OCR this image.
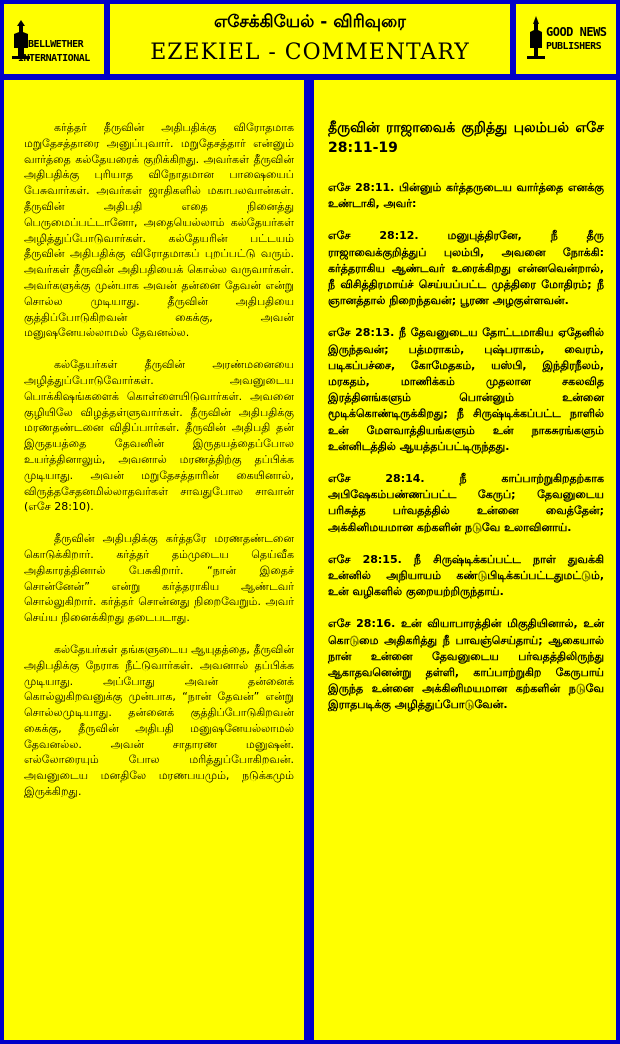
BELLWETHER
INTERNATIONAL
எசேக்கியேல் - விரிவுரை
EZEKIEL - COMMENTARY
GOOD NEWS
PUBLISHERS

கர்த்தர் தீருவின் அதிபதிக்கு விரோதமாக மறுதேசத்தாரை அனுப்புவார். மறுதேசத்தார் என்னும் வார்த்தை கல்தேயரைக் குறிக்கிறது. அவர்கள் தீருவின் அதிபதிக்கு புரியாத விநோதமான பாஷையைப் பேசுவார்கள். அவர்கள் ஜாதிகளில் மகாபலவான்கள். தீருவின் அதிபதி எதை நினைத்து பெருமைப்பட்டானோ, அதையெல்லாம் கல்தேயர்கள் அழித்துப்போடுவார்கள். கல்தேயரின் பட்டயம் தீருவின் அதிபதிக்கு விரோதமாகப் புறப்பட்டு வரும். அவர்கள் தீருவின் அதிபதியைக் கொல்ல வருவார்கள். அவர்களுக்கு முன்பாக அவன் தன்னை தேவன் என்று சொல்ல முடியாது. தீருவின் அதிபதியை குத்திப்போடுகிறவன் கைக்கு, அவன் மனுஷனேயல்லாமல் தேவனல்ல.

கல்தேயர்கள் தீருவின் அரண்மனையை அழித்துப்போடுவோர்கள். அவனுடைய பொக்கிஷங்களைக் கொள்ளையிடுவார்கள். அவனை குழியிலே விழத்தள்ளுவார்கள். தீருவின் அதிபதிக்கு மரணதண்டனை விதிப்பார்கள். தீருவின் அதிபதி தன் இருதயத்தை தேவனின் இருதயத்தைப்போல உயர்த்தினாலும், அவனால் மரணத்திற்கு தப்பிக்க முடியாது. அவன் மறுதேசத்தாரின் கையினால், விருத்தசேதனமில்லாதவர்கள் சாவதுபோல சாவான் (எசே 28:10).

தீருவின் அதிபதிக்கு கர்த்தரே மரணதண்டனை கொடுக்கிறார். கர்த்தர் தம்முடைய தெய்வீக அதிகாரத்தினால் பேசுகிறார். “நான் இதைச் சொன்னேன்” என்று கர்த்தராகிய ஆண்டவர் சொல்லுகிறார். கர்த்தர் சொன்னது நிறைவேறும். அவர் செய்ய நினைக்கிறது தடைபடாது.

கல்தேயர்கள் தங்களுடைய ஆயுதத்தை, தீருவின் அதிபதிக்கு நேராக நீட்டுவார்கள். அவனால் தப்பிக்க முடியாது. அப்போது அவன் தன்னைக் கொல்லுகிறவனுக்கு முன்பாக, “நான் தேவன்” என்று சொல்லமுடியாது. தன்னைக் குத்திப்போடுகிறவன் கைக்கு, தீருவின் அதிபதி மனுஷனேயல்லாமல் தேவனல்ல. அவன் சாதாரண மனுஷன். எல்லோரையும் போல மரித்துப்போகிறவன். அவனுடைய மனதிலே மரணபயமும், நடுக்கமும் இருக்கிறது.

தீருவின் ராஜாவைக் குறித்து புலம்பல் எசே 28:11-19

எசே 28:11. பின்னும் கர்த்தருடைய வார்த்தை எனக்கு உண்டாகி, அவர்:

எசே 28:12. மனுபுத்திரனே, நீ தீரு ராஜாவைக்குறித்துப் புலம்பி, அவனை நோக்கி: கர்த்தராகிய ஆண்டவர் உரைக்கிறது என்னவென்றால், நீ விசித்திரமாய்ச் செய்யப்பட்ட முத்திரை மோதிரம்; நீ ஞானத்தால் நிறைந்தவன்; பூரண அழகுள்ளவன்.

எசே 28:13. நீ தேவனுடைய தோட்டமாகிய ஏதேனில் இருந்தவன்; பத்மராகம், புஷ்பராகம், வைரம், படிகப்பச்சை, கோமேதகம், யஸ்பி, இந்திரநீலம், மரகதம், மாணிக்கம் முதலான சகலவித இரத்தினங்களும் பொன்னும் உன்னை மூடிக்கொண்டிருக்கிறது; நீ சிருஷ்டிக்கப்பட்ட நாளில் உன் மேளவாத்தியங்களும் உன் நாகசுரங்களும் உன்னிடத்தில் ஆயத்தப்பட்டிருந்தது.

எசே 28:14. நீ காப்பாற்றுகிறதற்காக அபிஷேகம்பண்ணப்பட்ட கேருப்; தேவனுடைய பரிசுத்த பர்வதத்தில் உன்னை வைத்தேன்; அக்கினிமயமான கற்களின் நடுவே உலாவினாய்.

எசே 28:15. நீ சிருஷ்டிக்கப்பட்ட நாள் துவக்கி உன்னில் அநியாயம் கண்டுபிடிக்கப்பட்டதுமட்டும், உன் வழிகளில் குறையற்றிருந்தாய்.

எசே 28:16. உன் வியாபாரத்தின் மிகுதியினால், உன் கொடுமை அதிகரித்து நீ பாவஞ்செய்தாய்; ஆகையால் நான் உன்னை தேவனுடைய பர்வதத்திலிருந்து ஆகாதவனென்று தள்ளி, காப்பாற்றுகிற கேருபாய் இருந்த உன்னை அக்கினிமயமான கற்களின் நடுவே இராதபடிக்கு அழித்துப்போடுவேன்.
